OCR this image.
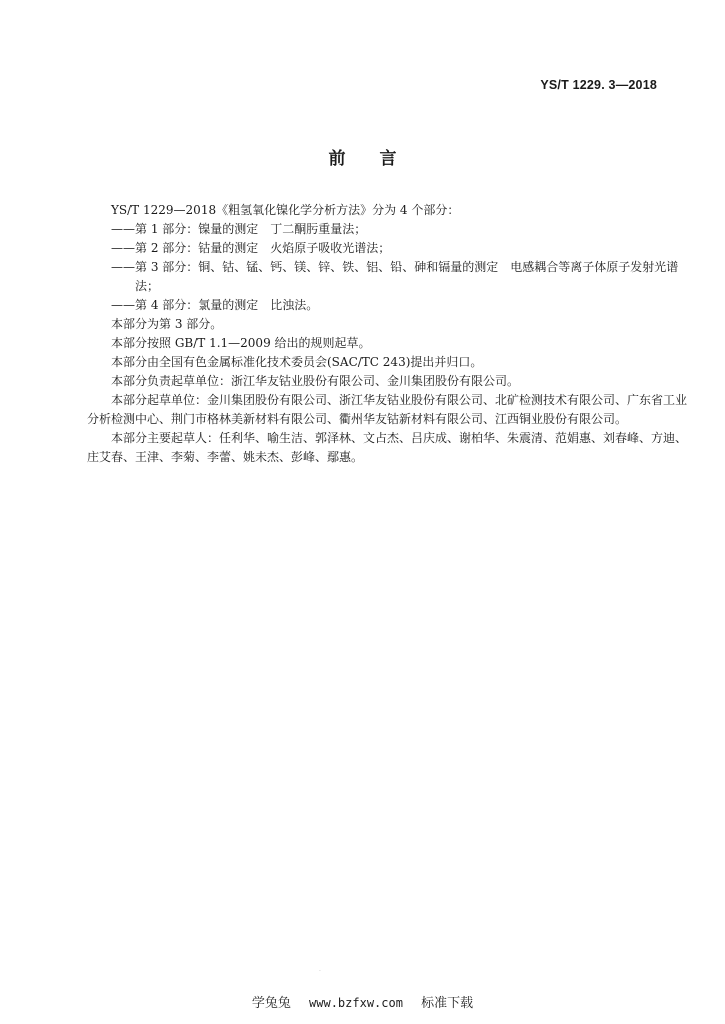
YS/T 1229. 3—2018
前言

YS/T 1229—2018《粗氢氧化镍化学分析方法》分为 4 个部分：

——第 1 部分：镍量的测定　丁二酮肟重量法；

——第 2 部分：钴量的测定　火焰原子吸收光谱法；

——第 3 部分：铜、钴、锰、钙、镁、锌、铁、铝、铅、砷和镉量的测定　电感耦合等离子体原子发射光谱

法；

——第 4 部分：氯量的测定　比浊法。

本部分为第 3 部分。

本部分按照 GB/T 1.1—2009 给出的规则起草。

本部分由全国有色金属标准化技术委员会(SAC/TC 243)提出并归口。

本部分负责起草单位：浙江华友钴业股份有限公司、金川集团股份有限公司。

本部分起草单位：金川集团股份有限公司、浙江华友钴业股份有限公司、北矿检测技术有限公司、广东省工业分析检测中心、荆门市格林美新材料有限公司、衢州华友钴新材料有限公司、江西铜业股份有限公司。

本部分主要起草人：任利华、喻生洁、郭泽林、文占杰、吕庆成、谢柏华、朱震清、范娟惠、刘春峰、方迪、庄艾春、王津、李菊、李蕾、姚未杰、彭峰、鄢惠。

·
学兔兔 www.bzfxw.com 标准下载
